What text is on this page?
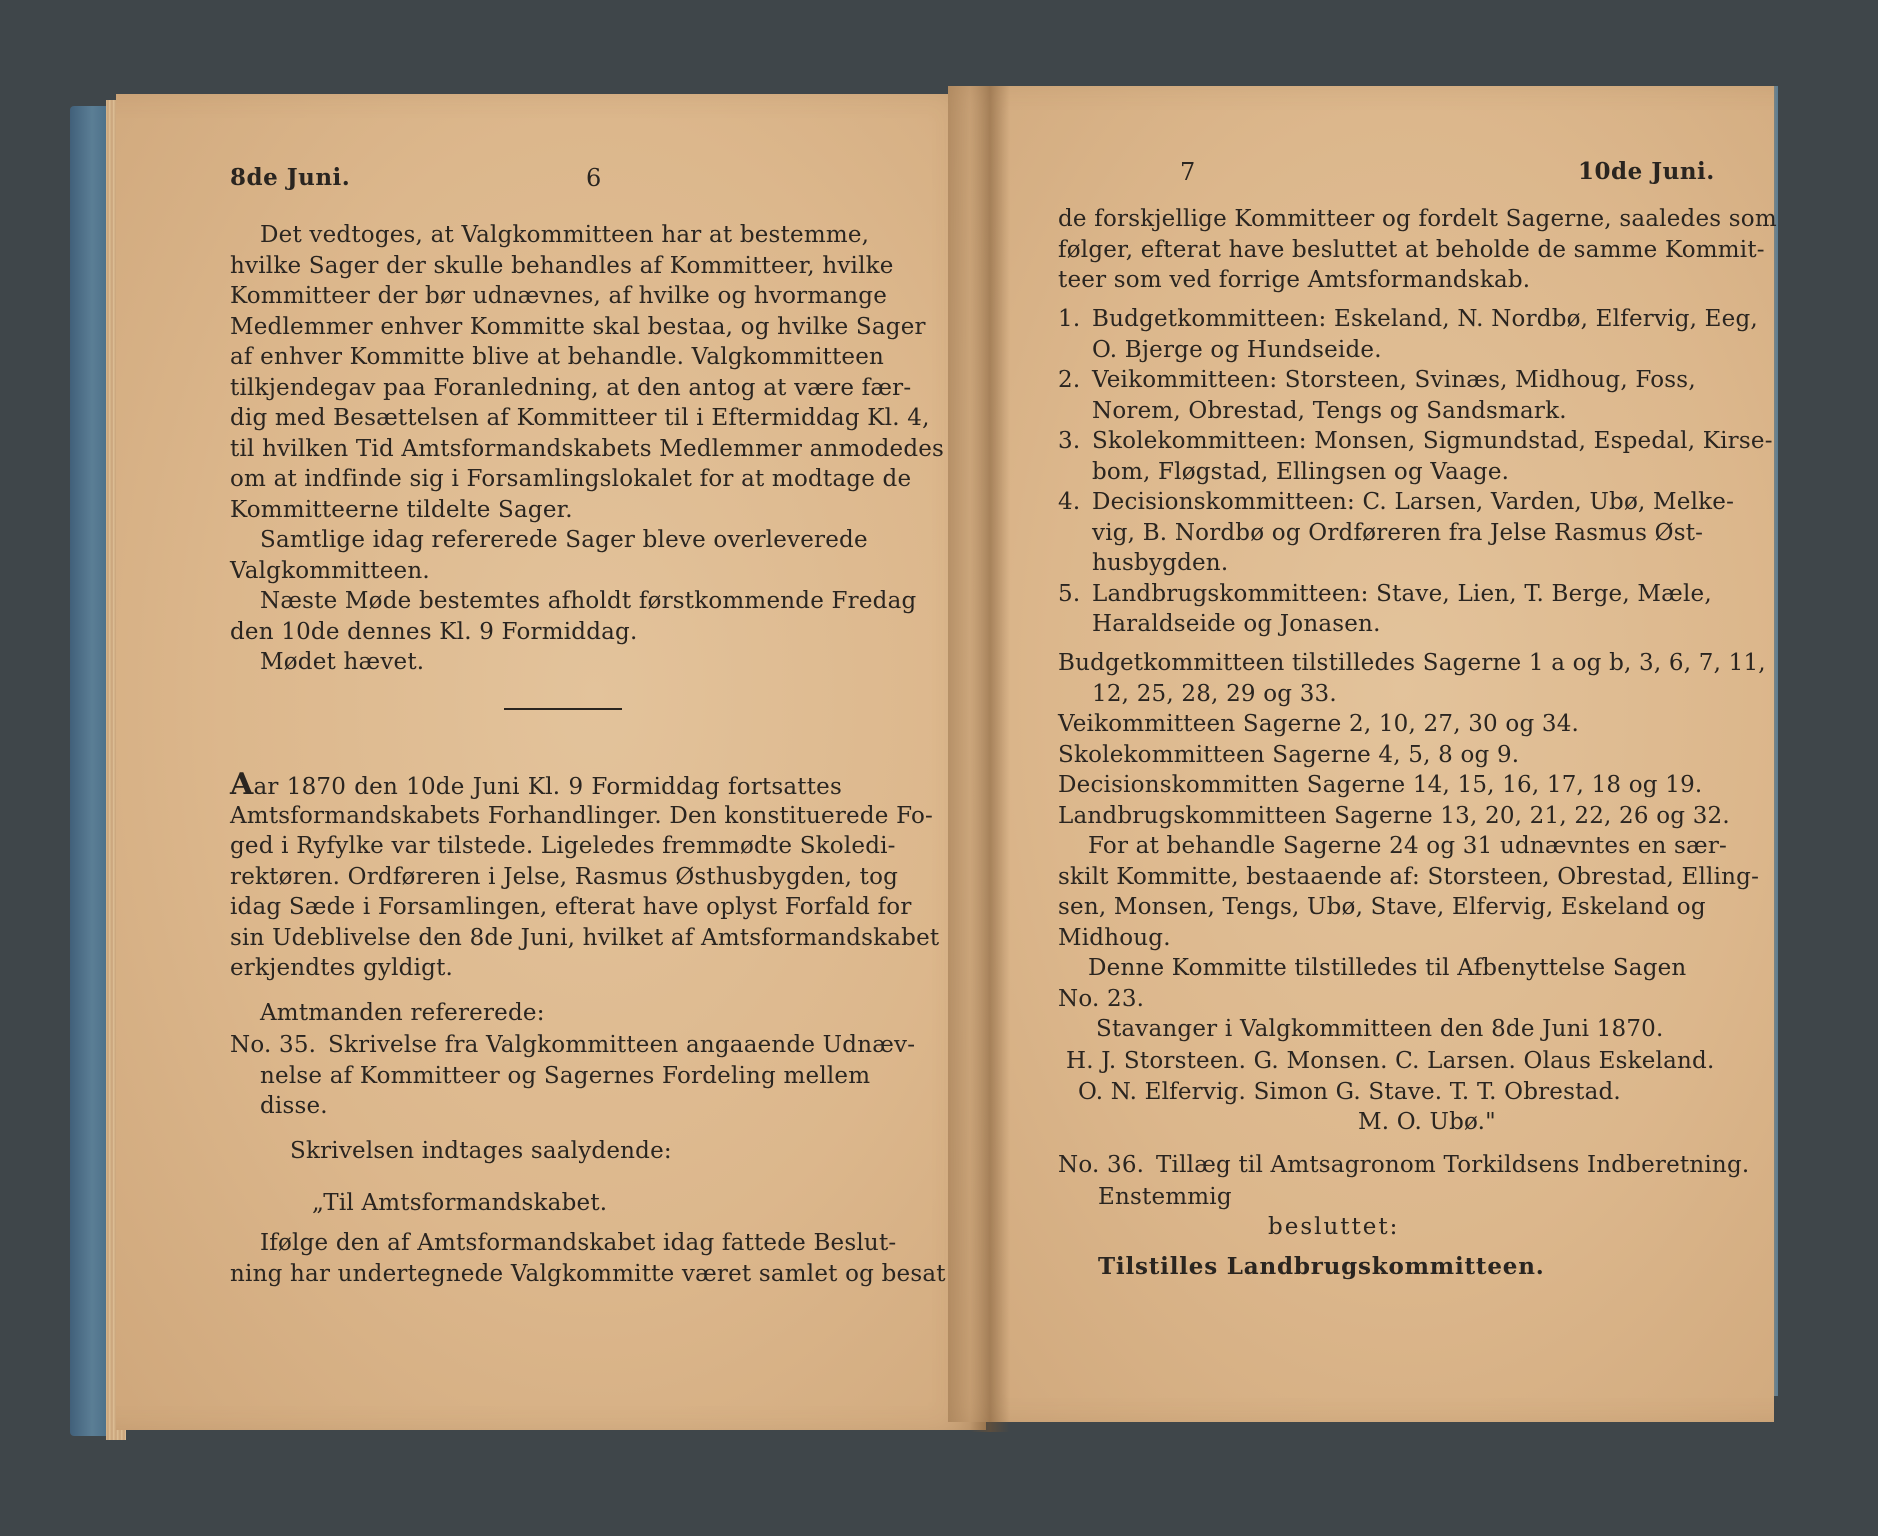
8de Juni.	6
Det vedtoges, at Valgkommitteen har at bestemme,
hvilke Sager der skulle behandles af Kommitteer, hvilke
Kommitteer der bør udnævnes, af hvilke og hvormange
Medlemmer enhver Kommitte skal bestaa, og hvilke Sager
af enhver Kommitte blive at behandle. Valgkommitteen
tilkjendegav paa Foranledning, at den antog at være fær-
dig med Besættelsen af Kommitteer til i Eftermiddag Kl. 4,
til hvilken Tid Amtsformandskabets Medlemmer anmodedes
om at indfinde sig i Forsamlingslokalet for at modtage de
Kommitteerne tildelte Sager.
Samtlige idag refererede Sager bleve overleverede
Valgkommitteen.
Næste Møde bestemtes afholdt førstkommende Fredag
den 10de dennes Kl. 9 Formiddag.
Mødet hævet.
Aar 1870 den 10de Juni Kl. 9 Formiddag fortsattes
Amtsformandskabets Forhandlinger. Den konstituerede Fo-
ged i Ryfylke var tilstede. Ligeledes fremmødte Skoledi-
rektøren. Ordføreren i Jelse, Rasmus Østhusbygden, tog
idag Sæde i Forsamlingen, efterat have oplyst Forfald for
sin Udeblivelse den 8de Juni, hvilket af Amtsformandskabet
erkjendtes gyldigt.
Amtmanden refererede:
No. 35. Skrivelse fra Valgkommitteen angaaende Udnæv-
nelse af Kommitteer og Sagernes Fordeling mellem
disse.
Skrivelsen indtages saalydende:
„Til Amtsformandskabet.
Ifølge den af Amtsformandskabet idag fattede Beslut-
ning har undertegnede Valgkommitte været samlet og besat
7	10de Juni.
de forskjellige Kommitteer og fordelt Sagerne, saaledes som
følger, efterat have besluttet at beholde de samme Kommit-
teer som ved forrige Amtsformandskab.
1. Budgetkommitteen: Eskeland, N. Nordbø, Elfervig, Eeg,
O. Bjerge og Hundseide.
2. Veikommitteen: Storsteen, Svinæs, Midhoug, Foss,
Norem, Obrestad, Tengs og Sandsmark.
3. Skolekommitteen: Monsen, Sigmundstad, Espedal, Kirse-
bom, Fløgstad, Ellingsen og Vaage.
4. Decisionskommitteen: C. Larsen, Varden, Ubø, Melke-
vig, B. Nordbø og Ordføreren fra Jelse Rasmus Øst-
husbygden.
5. Landbrugskommitteen: Stave, Lien, T. Berge, Mæle,
Haraldseide og Jonasen.
Budgetkommitteen tilstilledes Sagerne 1 a og b, 3, 6, 7, 11,
12, 25, 28, 29 og 33.
Veikommitteen Sagerne 2, 10, 27, 30 og 34.
Skolekommitteen Sagerne 4, 5, 8 og 9.
Decisionskommitten Sagerne 14, 15, 16, 17, 18 og 19.
Landbrugskommitteen Sagerne 13, 20, 21, 22, 26 og 32.
For at behandle Sagerne 24 og 31 udnævntes en sær-
skilt Kommitte, bestaaende af: Storsteen, Obrestad, Elling-
sen, Monsen, Tengs, Ubø, Stave, Elfervig, Eskeland og
Midhoug.
Denne Kommitte tilstilledes til Afbenyttelse Sagen
No. 23.
Stavanger i Valgkommitteen den 8de Juni 1870.
H. J. Storsteen. G. Monsen. C. Larsen. Olaus Eskeland.
O. N. Elfervig. Simon G. Stave. T. T. Obrestad.
M. O. Ubø."
No. 36. Tillæg til Amtsagronom Torkildsens Indberetning.
Enstemmig
besluttet:
Tilstilles Landbrugskommitteen.
